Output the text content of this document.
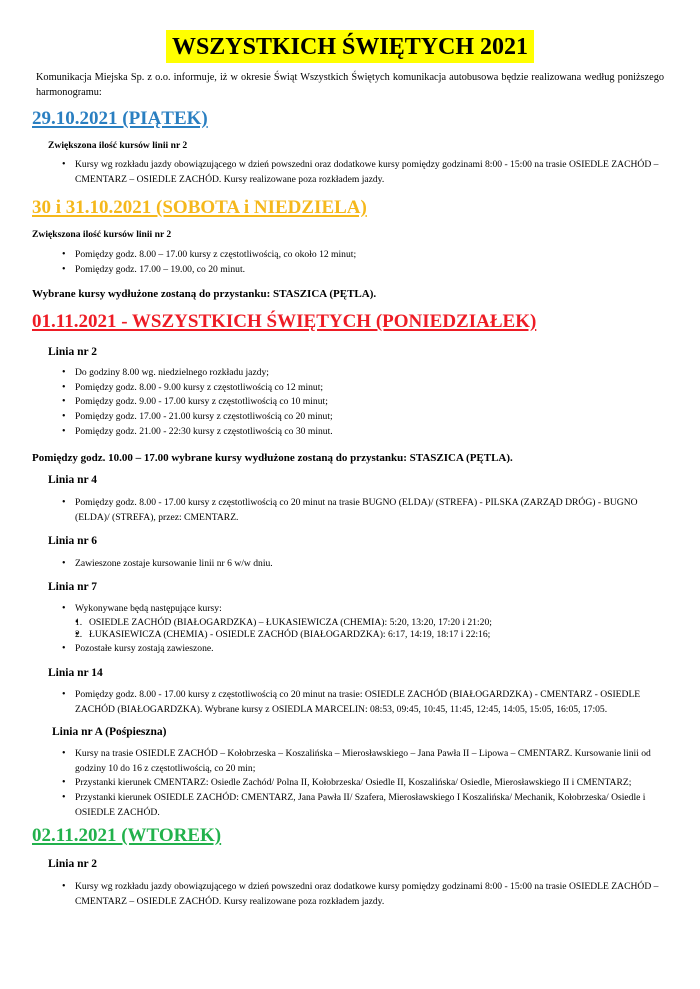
WSZYSTKICH ŚWIĘTYCH 2021
Komunikacja Miejska Sp. z o.o. informuje, iż w okresie Świąt Wszystkich Świętych komunikacja autobusowa będzie realizowana według poniższego harmonogramu:
29.10.2021 (PIĄTEK)
Zwiększona ilość kursów linii nr 2
• Kursy wg rozkładu jazdy obowiązującego w dzień powszedni oraz dodatkowe kursy pomiędzy godzinami 8:00 - 15:00 na trasie OSIEDLE ZACHÓD – CMENTARZ – OSIEDLE ZACHÓD. Kursy realizowane poza rozkładem jazdy.
30 i 31.10.2021 (SOBOTA i NIEDZIELA)
Zwiększona ilość kursów linii nr 2
• Pomiędzy godz. 8.00 – 17.00 kursy z częstotliwością, co około 12 minut;
• Pomiędzy godz. 17.00 – 19.00, co 20 minut.
Wybrane kursy wydłużone zostaną do przystanku: STASZICA (PĘTLA).
01.11.2021 - WSZYSTKICH ŚWIĘTYCH (PONIEDZIAŁEK)
Linia nr 2
• Do godziny 8.00 wg. niedzielnego rozkładu jazdy;
• Pomiędzy godz. 8.00 - 9.00 kursy z częstotliwością co 12 minut;
• Pomiędzy godz. 9.00 - 17.00 kursy z częstotliwością co 10 minut;
• Pomiędzy godz. 17.00 - 21.00 kursy z częstotliwością co 20 minut;
• Pomiędzy godz. 21.00 - 22:30 kursy z częstotliwością co 30 minut.
Pomiędzy godz. 10.00 – 17.00 wybrane kursy wydłużone zostaną do przystanku: STASZICA (PĘTLA).
Linia nr 4
• Pomiędzy godz. 8.00 - 17.00 kursy z częstotliwością co 20 minut na trasie BUGNO (ELDA)/ (STREFA) - PILSKA (ZARZĄD DRÓG) - BUGNO (ELDA)/ (STREFA), przez: CMENTARZ.
Linia nr 6
• Zawieszone zostaje kursowanie linii nr 6 w/w dniu.
Linia nr 7
• Wykonywane będą następujące kursy:
• 1. OSIEDLE ZACHÓD (BIAŁOGARDZKA) – ŁUKASIEWICZA (CHEMIA): 5:20, 13:20, 17:20 i 21:20;
• 2. ŁUKASIEWICZA (CHEMIA) - OSIEDLE ZACHÓD (BIAŁOGARDZKA): 6:17, 14:19, 18:17 i 22:16;
• Pozostałe kursy zostają zawieszone.
Linia nr 14
• Pomiędzy godz. 8.00 - 17.00 kursy z częstotliwością co 20 minut na trasie: OSIEDLE ZACHÓD (BIAŁOGARDZKA) - CMENTARZ - OSIEDLE ZACHÓD (BIAŁOGARDZKA). Wybrane kursy z OSIEDLA MARCELIN: 08:53, 09:45, 10:45, 11:45, 12:45, 14:05, 15:05, 16:05, 17:05.
Linia nr A (Pośpieszna)
• Kursy na trasie OSIEDLE ZACHÓD – Kołobrzeska – Koszalińska – Mierosławskiego – Jana Pawła II – Lipowa – CMENTARZ. Kursowanie linii od godziny 10 do 16 z częstotliwością, co 20 min;
• Przystanki kierunek CMENTARZ: Osiedle Zachód/ Polna II, Kołobrzeska/ Osiedle II, Koszalińska/ Osiedle, Mierosławskiego II i CMENTARZ;
• Przystanki kierunek OSIEDLE ZACHÓD: CMENTARZ, Jana Pawła II/ Szafera, Mierosławskiego I Koszalińska/ Mechanik, Kołobrzeska/ Osiedle i OSIEDLE ZACHÓD.
02.11.2021 (WTOREK)
Linia nr 2
• Kursy wg rozkładu jazdy obowiązującego w dzień powszedni oraz dodatkowe kursy pomiędzy godzinami 8:00 - 15:00 na trasie OSIEDLE ZACHÓD – CMENTARZ – OSIEDLE ZACHÓD. Kursy realizowane poza rozkładem jazdy.
